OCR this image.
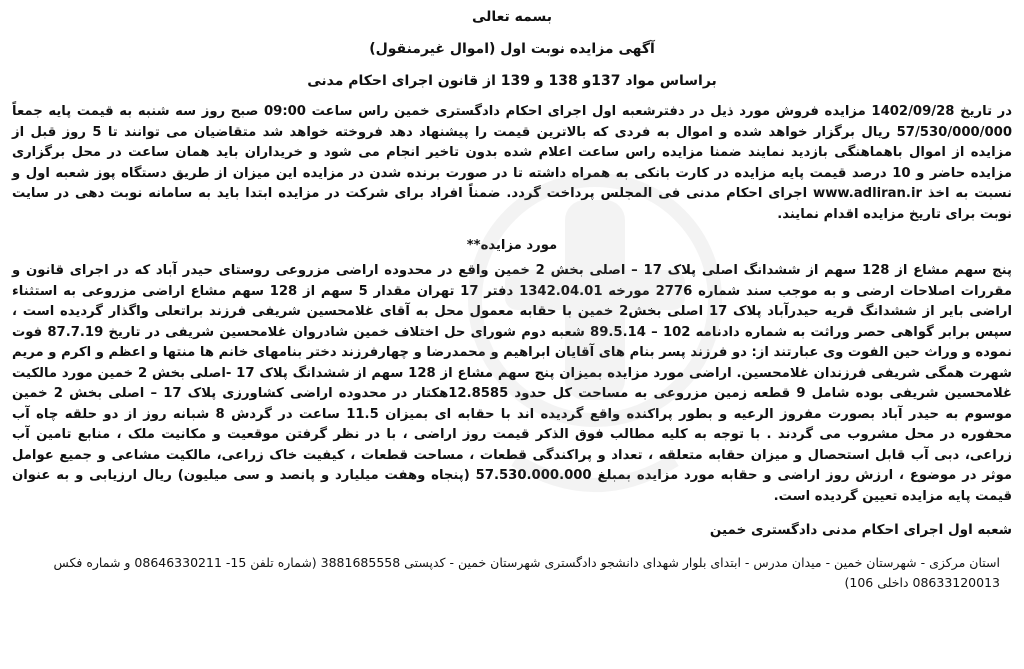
بسمه تعالی
آگهی مزایده نوبت اول (اموال غیرمنقول)
براساس مواد 137و 138 و 139 از قانون اجرای احکام مدنی

در تاریخ 1402/09/28 مزایده فروش مورد ذیل در دفترشعبه اول اجرای احکام دادگستری خمین راس ساعت 09:00 صبح روز سه شنبه به قیمت پایه جمعاً 57/530/000/000 ریال برگزار خواهد شده و اموال به فردی که بالاترین قیمت را پیشنهاد دهد فروخته خواهد شد متقاضیان می توانند تا 5 روز قبل از مزایده از اموال باهماهنگی بازدید نمایند ضمنا مزایده راس ساعت اعلام شده بدون تاخیر انجام می شود و خریداران باید همان ساعت در محل برگزاری مزایده حاضر و 10 درصد قیمت پایه مزایده در کارت بانکی به همراه داشته تا در صورت برنده شدن در مزایده این میزان از طریق دستگاه پوز شعبه اول و نسبت به اخذ www.adliran.ir اجرای احکام مدنی فی المجلس پرداخت گردد. ضمناً افراد برای شرکت در مزایده ابتدا باید به سامانه نوبت دهی در سایت نوبت برای تاریخ مزایده اقدام نمایند.

مورد مزایده**

پنج سهم مشاع از 128 سهم از ششدانگ اصلی پلاک 17 – اصلی بخش 2 خمین واقع در محدوده اراضی مزروعی روستای حیدر آباد که در اجرای قانون و مقررات اصلاحات ارضی و به موجب سند شماره 2776 مورخه 1342.04.01 دفتر 17 تهران مقدار 5 سهم از 128 سهم مشاع اراضی مزروعی به استثناء اراضی بایر از ششدانگ قریه حیدرآباد پلاک 17 اصلی بخش2 خمین با حقابه معمول محل به آقای غلامحسین شریفی فرزند براتعلی واگذار گردیده است ، سپس برابر گواهی حصر وراثت به شماره دادنامه 102 – 89.5.14 شعبه دوم شورای حل اختلاف خمین شادروان غلامحسین شریفی در تاریخ 87.7.19 فوت نموده و وراث حین الفوت وی عبارتند از: دو فرزند پسر بنام های آقایان ابراهیم و محمدرضا و چهارفرزند دختر بنامهای خانم ها منتها و اعظم و اکرم و مریم شهرت همگی شریفی فرزندان غلامحسین. اراضی مورد مزایده بمیزان پنج سهم مشاع از 128 سهم از ششدانگ پلاک 17 -اصلی بخش 2 خمین مورد مالکیت غلامحسین شریفی بوده شامل 9 قطعه زمین مزروعی به مساحت کل حدود 12.8585هکتار در محدوده اراضی کشاورزی پلاک 17 – اصلی بخش 2 خمین موسوم به حیدر آباد بصورت مفروز الرعیه و بطور پراکنده واقع گردیده اند با حقابه ای بمیزان 11.5 ساعت در گردش 8 شبانه روز از دو حلقه چاه آب محفوره در محل مشروب می گردند . با توجه به کلیه مطالب فوق الذکر قیمت روز اراضی ، با در نظر گرفتن موقعیت و مکانیت ملک ، منابع تامین آب زراعی، دبی آب قابل استحصال و میزان حقابه متعلقه ، تعداد و پراکندگی قطعات ، مساحت قطعات ، کیفیت خاک زراعی، مالکیت مشاعی و جمیع عوامل موثر در موضوع ، ارزش روز اراضی و حقابه مورد مزایده بمبلغ 57.530.000.000 (پنجاه وهفت میلیارد و پانصد و سی میلیون) ریال ارزیابی و به عنوان قیمت پایه مزایده تعیین گردیده است.

شعبه اول اجرای احکام مدنی دادگستری خمین
استان مرکزی - شهرستان خمین - میدان مدرس - ابتدای بلوار شهدای دانشجو دادگستری شهرستان خمین - کدپستی 3881685558 (شماره تلفن 15- 08646330211 و شماره فکس
08633120013 داخلی 106)
